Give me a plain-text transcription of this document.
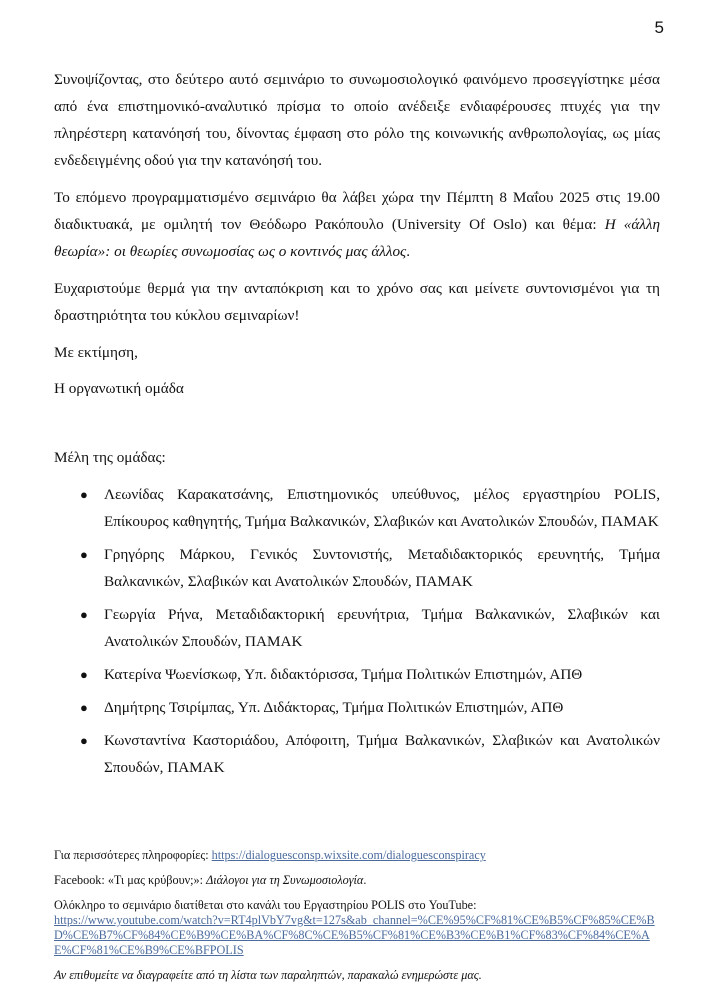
5

Συνοψίζοντας, στο δεύτερο αυτό σεμινάριο το συνωμοσιολογικό φαινόμενο προσεγγίστηκε μέσα από ένα επιστημονικό-αναλυτικό πρίσμα το οποίο ανέδειξε ενδιαφέρουσες πτυχές για την πληρέστερη κατανόησή του, δίνοντας έμφαση στο ρόλο της κοινωνικής ανθρωπολογίας, ως μίας ενδεδειγμένης οδού για την κατανόησή του.

Το επόμενο προγραμματισμένο σεμινάριο θα λάβει χώρα την Πέμπτη 8 Μαΐου 2025 στις 19.00 διαδικτυακά, με ομιλητή τον Θεόδωρο Ρακόπουλο (University Of Oslo) και θέμα: Η «άλλη θεωρία»: οι θεωρίες συνωμοσίας ως ο κοντινός μας άλλος.

Ευχαριστούμε θερμά για την ανταπόκριση και το χρόνο σας και μείνετε συντονισμένοι για τη δραστηριότητα του κύκλου σεμιναρίων!

Με εκτίμηση,

Η οργανωτική ομάδα

Μέλη της ομάδας:

● Λεωνίδας Καρακατσάνης, Επιστημονικός υπεύθυνος, μέλος εργαστηρίου POLIS, Επίκουρος καθηγητής, Τμήμα Βαλκανικών, Σλαβικών και Ανατολικών Σπουδών, ΠΑΜΑΚ
● Γρηγόρης Μάρκου, Γενικός Συντονιστής, Μεταδιδακτορικός ερευνητής, Τμήμα Βαλκανικών, Σλαβικών και Ανατολικών Σπουδών, ΠΑΜΑΚ
● Γεωργία Ρήνα, Μεταδιδακτορική ερευνήτρια, Τμήμα Βαλκανικών, Σλαβικών και Ανατολικών Σπουδών, ΠΑΜΑΚ
● Κατερίνα Ψωενίσκωφ, Υπ. διδακτόρισσα, Τμήμα Πολιτικών Επιστημών, ΑΠΘ
● Δημήτρης Τσιρίμπας, Υπ. Διδάκτορας, Τμήμα Πολιτικών Επιστημών, ΑΠΘ
● Κωνσταντίνα Καστοριάδου, Απόφοιτη, Τμήμα Βαλκανικών, Σλαβικών και Ανατολικών Σπουδών, ΠΑΜΑΚ

Για περισσότερες πληροφορίες: https://dialoguesconsp.wixsite.com/dialoguesconspiracy

Facebook: «Τι μας κρύβουν;»: Διάλογοι για τη Συνωμοσιολογία.

Ολόκληρο το σεμινάριο διατίθεται στο κανάλι του Εργαστηρίου POLIS στο YouTube:
https://www.youtube.com/watch?v=RT4plVbY7vg&t=127s&ab_channel=%CE%95%CF%81%CE%B5%CF%85%CE%BD%CE%B7%CF%84%CE%B9%CE%BA%CF%8C%CE%B5%CF%81%CE%B3%CE%B1%CF%83%CF%84%CE%AE%CF%81%CE%B9%CE%BFPOLIS

Αν επιθυμείτε να διαγραφείτε από τη λίστα των παραληπτών, παρακαλώ ενημερώστε μας.
